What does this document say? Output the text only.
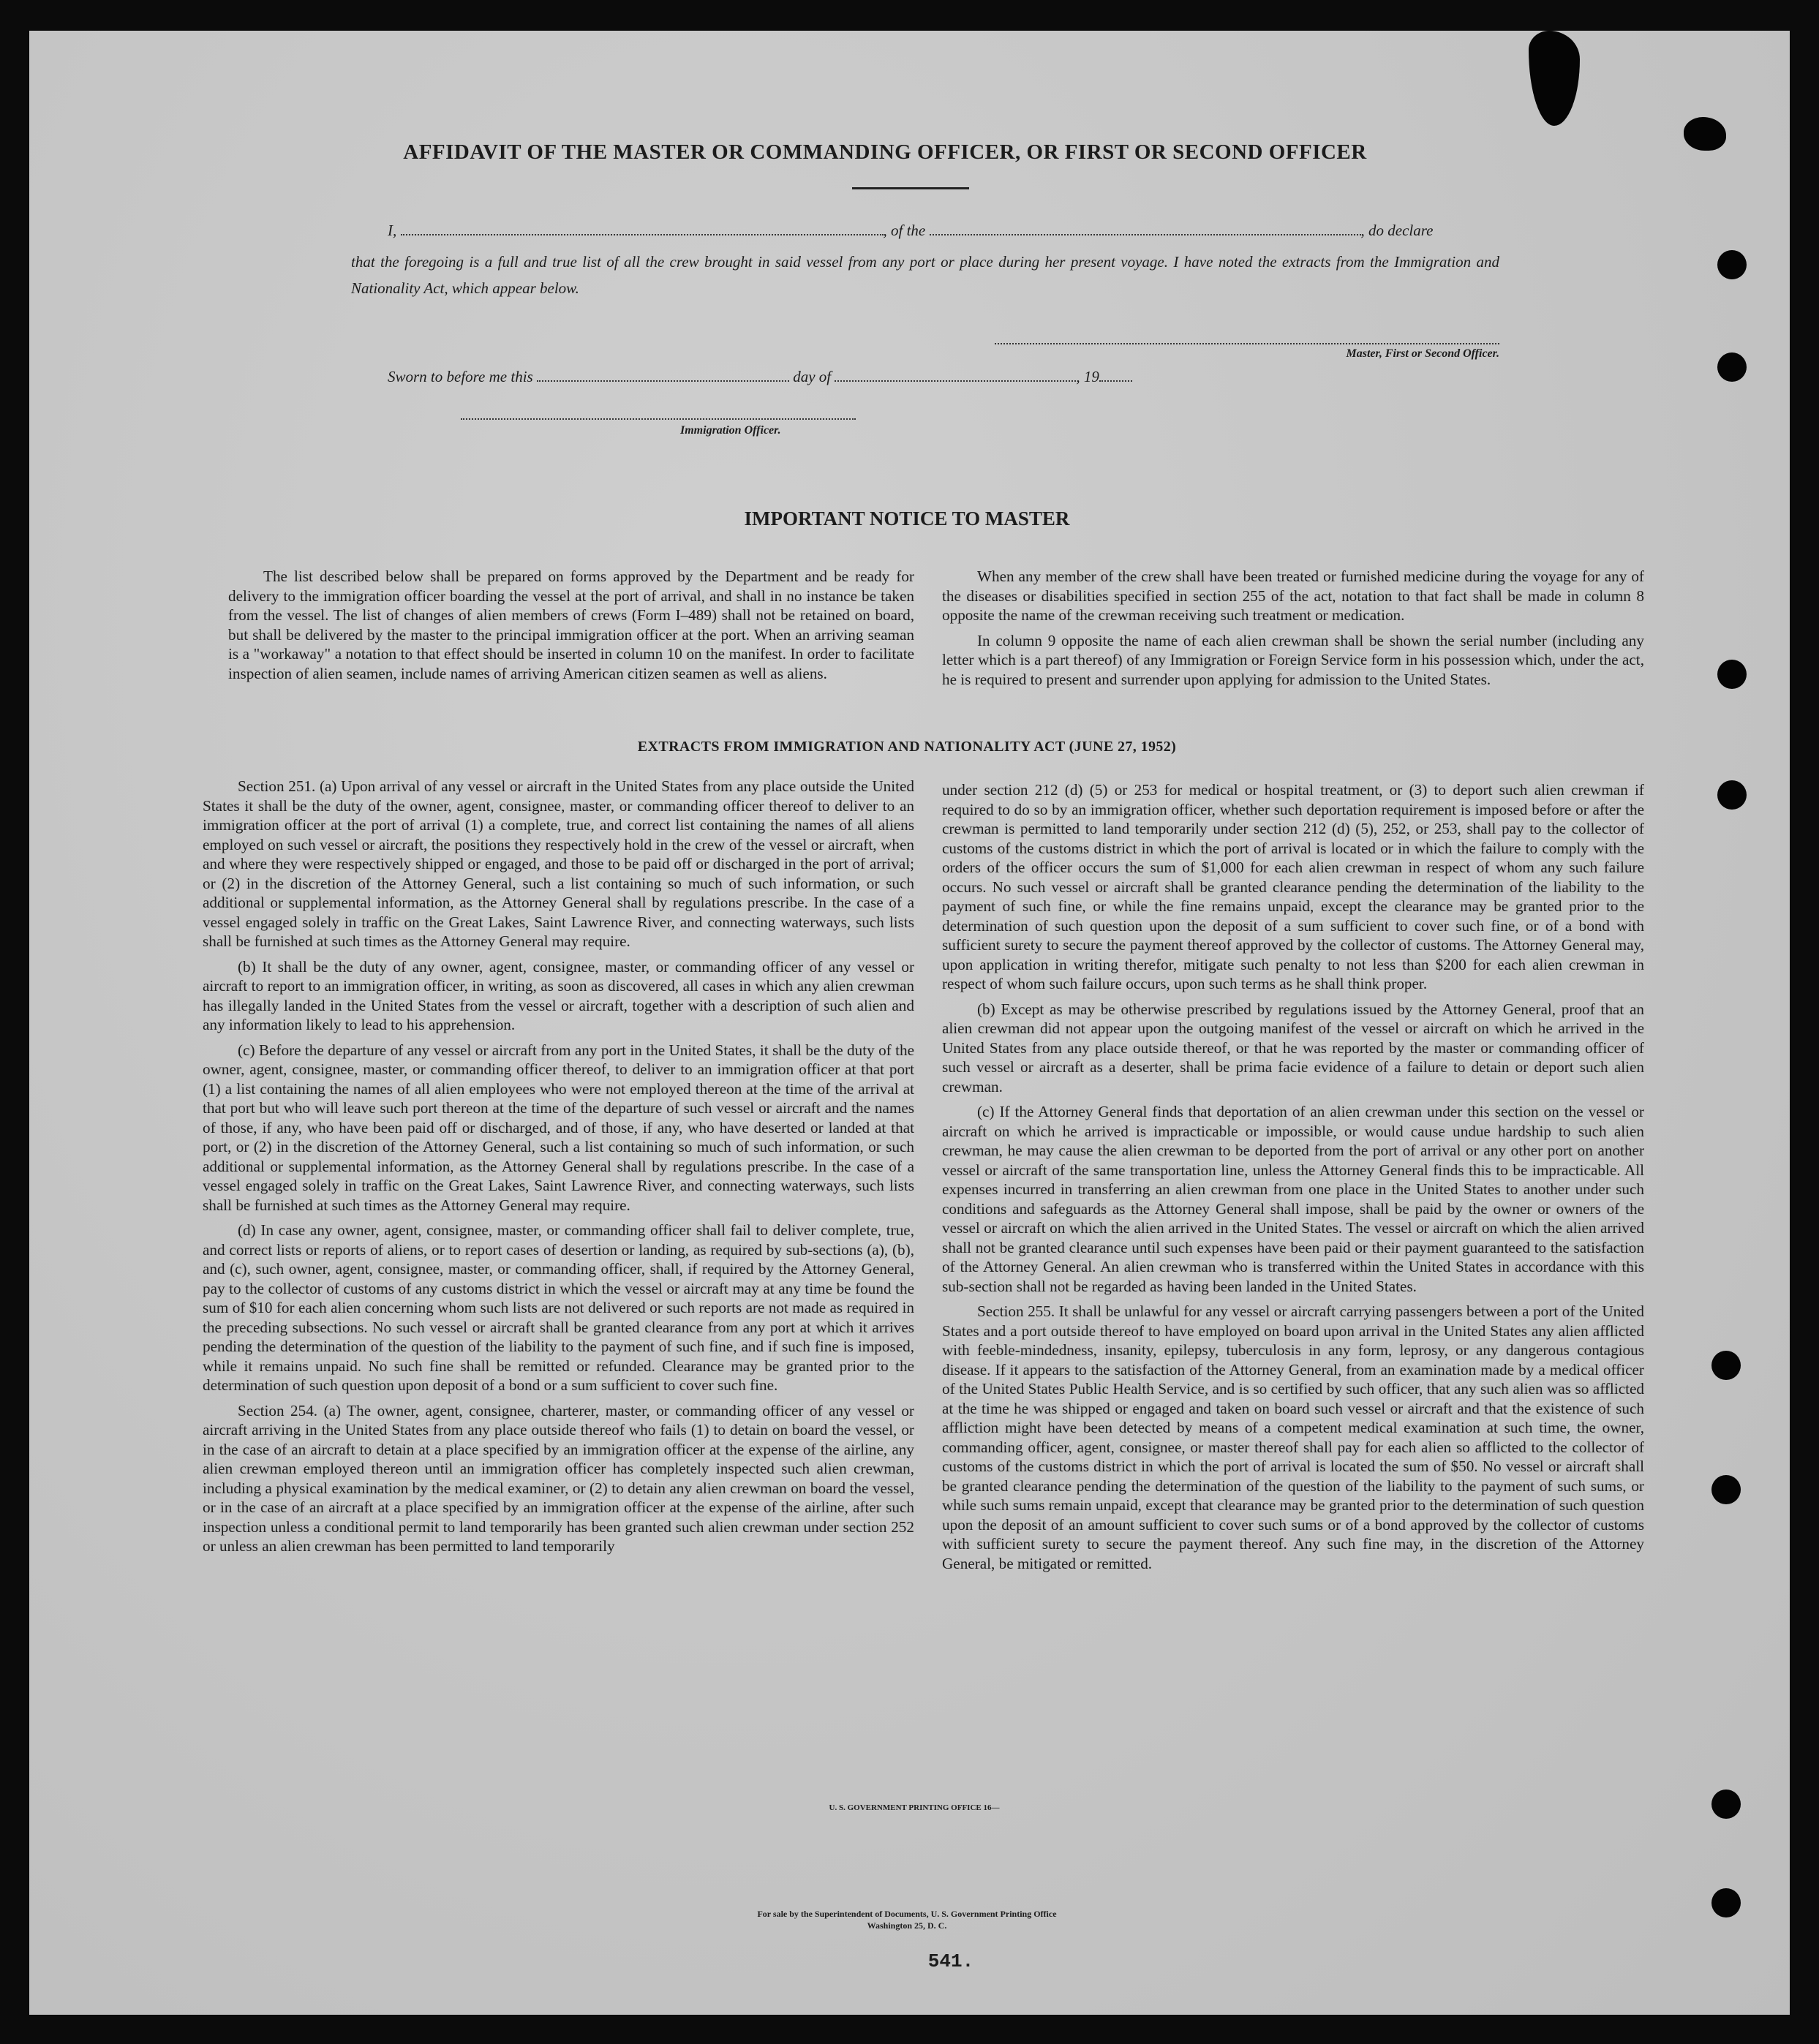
AFFIDAVIT OF THE MASTER OR COMMANDING OFFICER, OR FIRST OR SECOND OFFICER
I,	, of the	, do declare
that the foregoing is a full and true list of all the crew brought in said vessel from any port or place during her present voyage. I have noted the extracts from the Immigration and Nationality Act, which appear below.
Master, First or Second Officer.
Sworn to before me this	day of	, 19
Immigration Officer.
IMPORTANT NOTICE TO MASTER

The list described below shall be prepared on forms approved by the Department and be ready for delivery to the immigration officer boarding the vessel at the port of arrival, and shall in no instance be taken from the vessel. The list of changes of alien members of crews (Form I–489) shall not be retained on board, but shall be delivered by the master to the principal immigration officer at the port. When an arriving seaman is a "workaway" a notation to that effect should be inserted in column 10 on the manifest. In order to facilitate inspection of alien seamen, include names of arriving American citizen seamen as well as aliens.

When any member of the crew shall have been treated or furnished medicine during the voyage for any of the diseases or disabilities specified in section 255 of the act, notation to that fact shall be made in column 8 opposite the name of the crewman receiving such treatment or medication.

In column 9 opposite the name of each alien crewman shall be shown the serial number (including any letter which is a part thereof) of any Immigration or Foreign Service form in his possession which, under the act, he is required to present and surrender upon applying for admission to the United States.

EXTRACTS FROM IMMIGRATION AND NATIONALITY ACT (JUNE 27, 1952)

Section 251. (a) Upon arrival of any vessel or aircraft in the United States from any place outside the United States it shall be the duty of the owner, agent, consignee, master, or commanding officer thereof to deliver to an immigration officer at the port of arrival (1) a complete, true, and correct list containing the names of all aliens employed on such vessel or aircraft, the positions they respectively hold in the crew of the vessel or aircraft, when and where they were respectively shipped or engaged, and those to be paid off or discharged in the port of arrival; or (2) in the discretion of the Attorney General, such a list containing so much of such information, or such additional or supplemental information, as the Attorney General shall by regulations prescribe. In the case of a vessel engaged solely in traffic on the Great Lakes, Saint Lawrence River, and connecting waterways, such lists shall be furnished at such times as the Attorney General may require.

(b) It shall be the duty of any owner, agent, consignee, master, or commanding officer of any vessel or aircraft to report to an immigration officer, in writing, as soon as discovered, all cases in which any alien crewman has illegally landed in the United States from the vessel or aircraft, together with a description of such alien and any information likely to lead to his apprehension.

(c) Before the departure of any vessel or aircraft from any port in the United States, it shall be the duty of the owner, agent, consignee, master, or commanding officer thereof, to deliver to an immigration officer at that port (1) a list containing the names of all alien employees who were not employed thereon at the time of the arrival at that port but who will leave such port thereon at the time of the departure of such vessel or aircraft and the names of those, if any, who have been paid off or discharged, and of those, if any, who have deserted or landed at that port, or (2) in the discretion of the Attorney General, such a list containing so much of such information, or such additional or supplemental information, as the Attorney General shall by regulations prescribe. In the case of a vessel engaged solely in traffic on the Great Lakes, Saint Lawrence River, and connecting waterways, such lists shall be furnished at such times as the Attorney General may require.

(d) In case any owner, agent, consignee, master, or commanding officer shall fail to deliver complete, true, and correct lists or reports of aliens, or to report cases of desertion or landing, as required by sub-sections (a), (b), and (c), such owner, agent, consignee, master, or commanding officer, shall, if required by the Attorney General, pay to the collector of customs of any customs district in which the vessel or aircraft may at any time be found the sum of $10 for each alien concerning whom such lists are not delivered or such reports are not made as required in the preceding subsections. No such vessel or aircraft shall be granted clearance from any port at which it arrives pending the determination of the question of the liability to the payment of such fine, and if such fine is imposed, while it remains unpaid. No such fine shall be remitted or refunded. Clearance may be granted prior to the determination of such question upon deposit of a bond or a sum sufficient to cover such fine.

Section 254. (a) The owner, agent, consignee, charterer, master, or commanding officer of any vessel or aircraft arriving in the United States from any place outside thereof who fails (1) to detain on board the vessel, or in the case of an aircraft to detain at a place specified by an immigration officer at the expense of the airline, any alien crewman employed thereon until an immigration officer has completely inspected such alien crewman, including a physical examination by the medical examiner, or (2) to detain any alien crewman on board the vessel, or in the case of an aircraft at a place specified by an immigration officer at the expense of the airline, after such inspection unless a conditional permit to land temporarily has been granted such alien crewman under section 252 or unless an alien crewman has been permitted to land temporarily

under section 212 (d) (5) or 253 for medical or hospital treatment, or (3) to deport such alien crewman if required to do so by an immigration officer, whether such deportation requirement is imposed before or after the crewman is permitted to land temporarily under section 212 (d) (5), 252, or 253, shall pay to the collector of customs of the customs district in which the port of arrival is located or in which the failure to comply with the orders of the officer occurs the sum of $1,000 for each alien crewman in respect of whom any such failure occurs. No such vessel or aircraft shall be granted clearance pending the determination of the liability to the payment of such fine, or while the fine remains unpaid, except the clearance may be granted prior to the determination of such question upon the deposit of a sum sufficient to cover such fine, or of a bond with sufficient surety to secure the payment thereof approved by the collector of customs. The Attorney General may, upon application in writing therefor, mitigate such penalty to not less than $200 for each alien crewman in respect of whom such failure occurs, upon such terms as he shall think proper.

(b) Except as may be otherwise prescribed by regulations issued by the Attorney General, proof that an alien crewman did not appear upon the outgoing manifest of the vessel or aircraft on which he arrived in the United States from any place outside thereof, or that he was reported by the master or commanding officer of such vessel or aircraft as a deserter, shall be prima facie evidence of a failure to detain or deport such alien crewman.

(c) If the Attorney General finds that deportation of an alien crewman under this section on the vessel or aircraft on which he arrived is impracticable or impossible, or would cause undue hardship to such alien crewman, he may cause the alien crewman to be deported from the port of arrival or any other port on another vessel or aircraft of the same transportation line, unless the Attorney General finds this to be impracticable. All expenses incurred in transferring an alien crewman from one place in the United States to another under such conditions and safeguards as the Attorney General shall impose, shall be paid by the owner or owners of the vessel or aircraft on which the alien arrived in the United States. The vessel or aircraft on which the alien arrived shall not be granted clearance until such expenses have been paid or their payment guaranteed to the satisfaction of the Attorney General. An alien crewman who is transferred within the United States in accordance with this sub-section shall not be regarded as having been landed in the United States.

Section 255. It shall be unlawful for any vessel or aircraft carrying passengers between a port of the United States and a port outside thereof to have employed on board upon arrival in the United States any alien afflicted with feeble-mindedness, insanity, epilepsy, tuberculosis in any form, leprosy, or any dangerous contagious disease. If it appears to the satisfaction of the Attorney General, from an examination made by a medical officer of the United States Public Health Service, and is so certified by such officer, that any such alien was so afflicted at the time he was shipped or engaged and taken on board such vessel or aircraft and that the existence of such affliction might have been detected by means of a competent medical examination at such time, the owner, commanding officer, agent, consignee, or master thereof shall pay for each alien so afflicted to the collector of customs of the customs district in which the port of arrival is located the sum of $50. No vessel or aircraft shall be granted clearance pending the determination of the question of the liability to the payment of such sums, or while such sums remain unpaid, except that clearance may be granted prior to the determination of such question upon the deposit of an amount sufficient to cover such sums or of a bond approved by the collector of customs with sufficient surety to secure the payment thereof. Any such fine may, in the discretion of the Attorney General, be mitigated or remitted.

U. S. GOVERNMENT PRINTING OFFICE 16—
For sale by the Superintendent of Documents, U. S. Government Printing Office
Washington 25, D. C.
541.
